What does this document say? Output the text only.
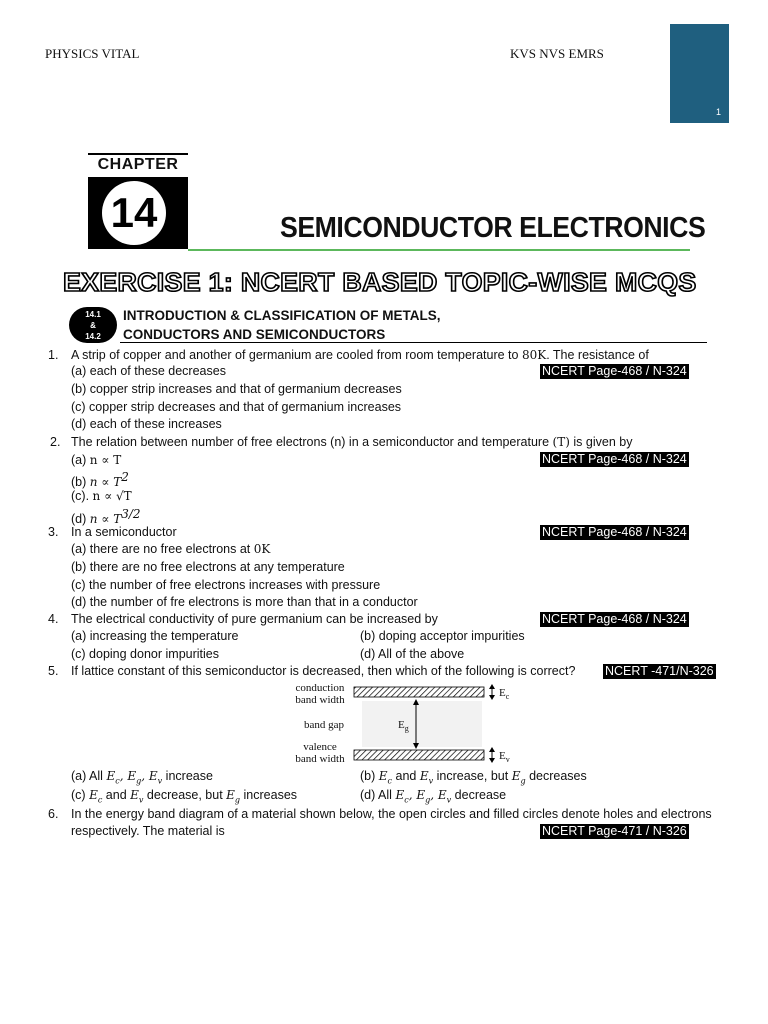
PHYSICS VITAL	KVS NVS EMRS
1
CHAPTER
14	SEMICONDUCTOR ELECTRONICS
EXERCISE 1: NCERT BASED TOPIC-WISE MCQS
14.1
&
14.2
INTRODUCTION & CLASSIFICATION OF METALS,
CONDUCTORS AND SEMICONDUCTORS
1. A strip of copper and another of germanium are cooled from room temperature to 80K. The resistance of
(a) each of these decreases	NCERT Page-468 / N-324
(b) copper strip increases and that of germanium decreases
(c) copper strip decreases and that of germanium increases
(d) each of these increases
2. The relation between number of free electrons (n) in a semiconductor and temperature (T) is given by
(a) n ∝ T	NCERT Page-468 / N-324
(b) $n \propto T^2$
(c). n ∝ √T
(d) $n \propto T^{3/2}$
3. In a semiconductor	NCERT Page-468 / N-324
(a) there are no free electrons at 0K
(b) there are no free electrons at any temperature
(c) the number of free electrons increases with pressure
(d) the number of fre electrons is more than that in a conductor
4. The electrical conductivity of pure germanium can be increased by	NCERT Page-468 / N-324
(a) increasing the temperature	(b) doping acceptor impurities
(c) doping donor impurities	(d) All of the above
5. If lattice constant of this semiconductor is decreased, then which of the following is correct? NCERT -471/N-326
conduction
band width
band gap
valence
band width
$E_c$
$E_g$
$E_v$
(a) All $E_c$, $E_g$, $E_v$ increase	(b) $E_c$ and $E_v$ increase, but $E_g$ decreases
(c) $E_c$ and $E_v$ decrease, but $E_g$ increases	(d) All $E_c$, $E_g$, $E_v$ decrease
6. In the energy band diagram of a material shown below, the open circles and filled circles denote holes and electrons
respectively. The material is	NCERT Page-471 / N-326
